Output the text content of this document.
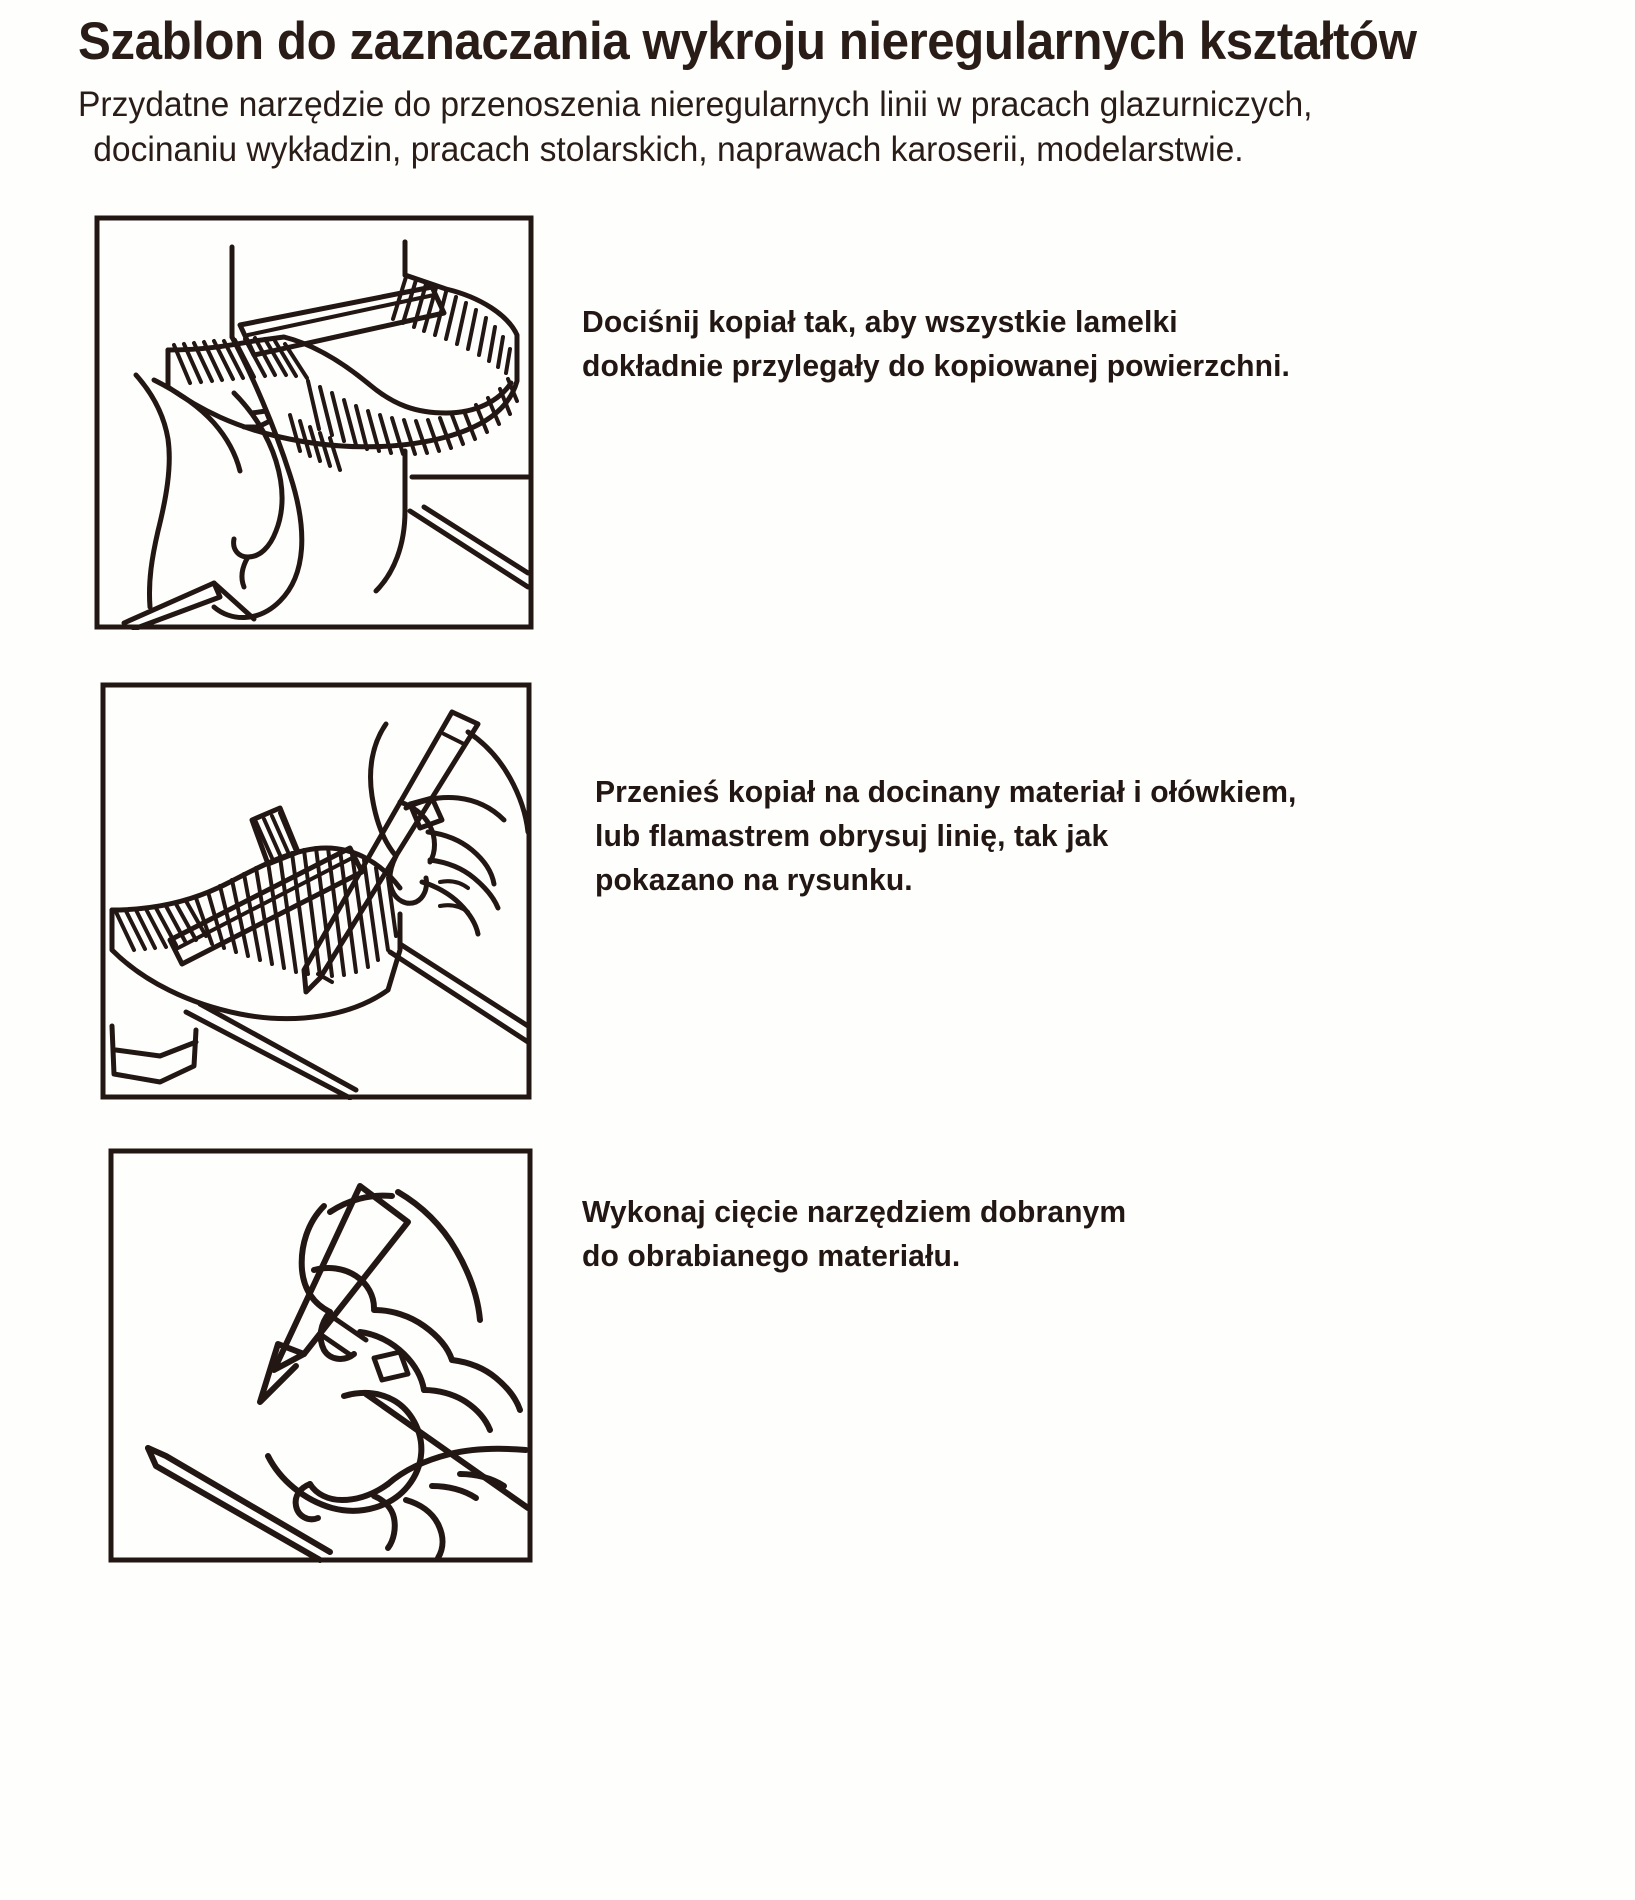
Szablon do zaznaczania wykroju nieregularnych kształtów
Przydatne narzędzie do przenoszenia nieregularnych linii w pracach glazurniczych,
docinaniu wykładzin, pracach stolarskich, naprawach karoserii, modelarstwie.
Dociśnij kopiał tak, aby wszystkie lamelki
dokładnie przylegały do kopiowanej powierzchni.
Przenieś kopiał na docinany materiał i ołówkiem,
lub flamastrem obrysuj linię, tak jak
pokazano na rysunku.
Wykonaj cięcie narzędziem dobranym
do obrabianego materiału.
